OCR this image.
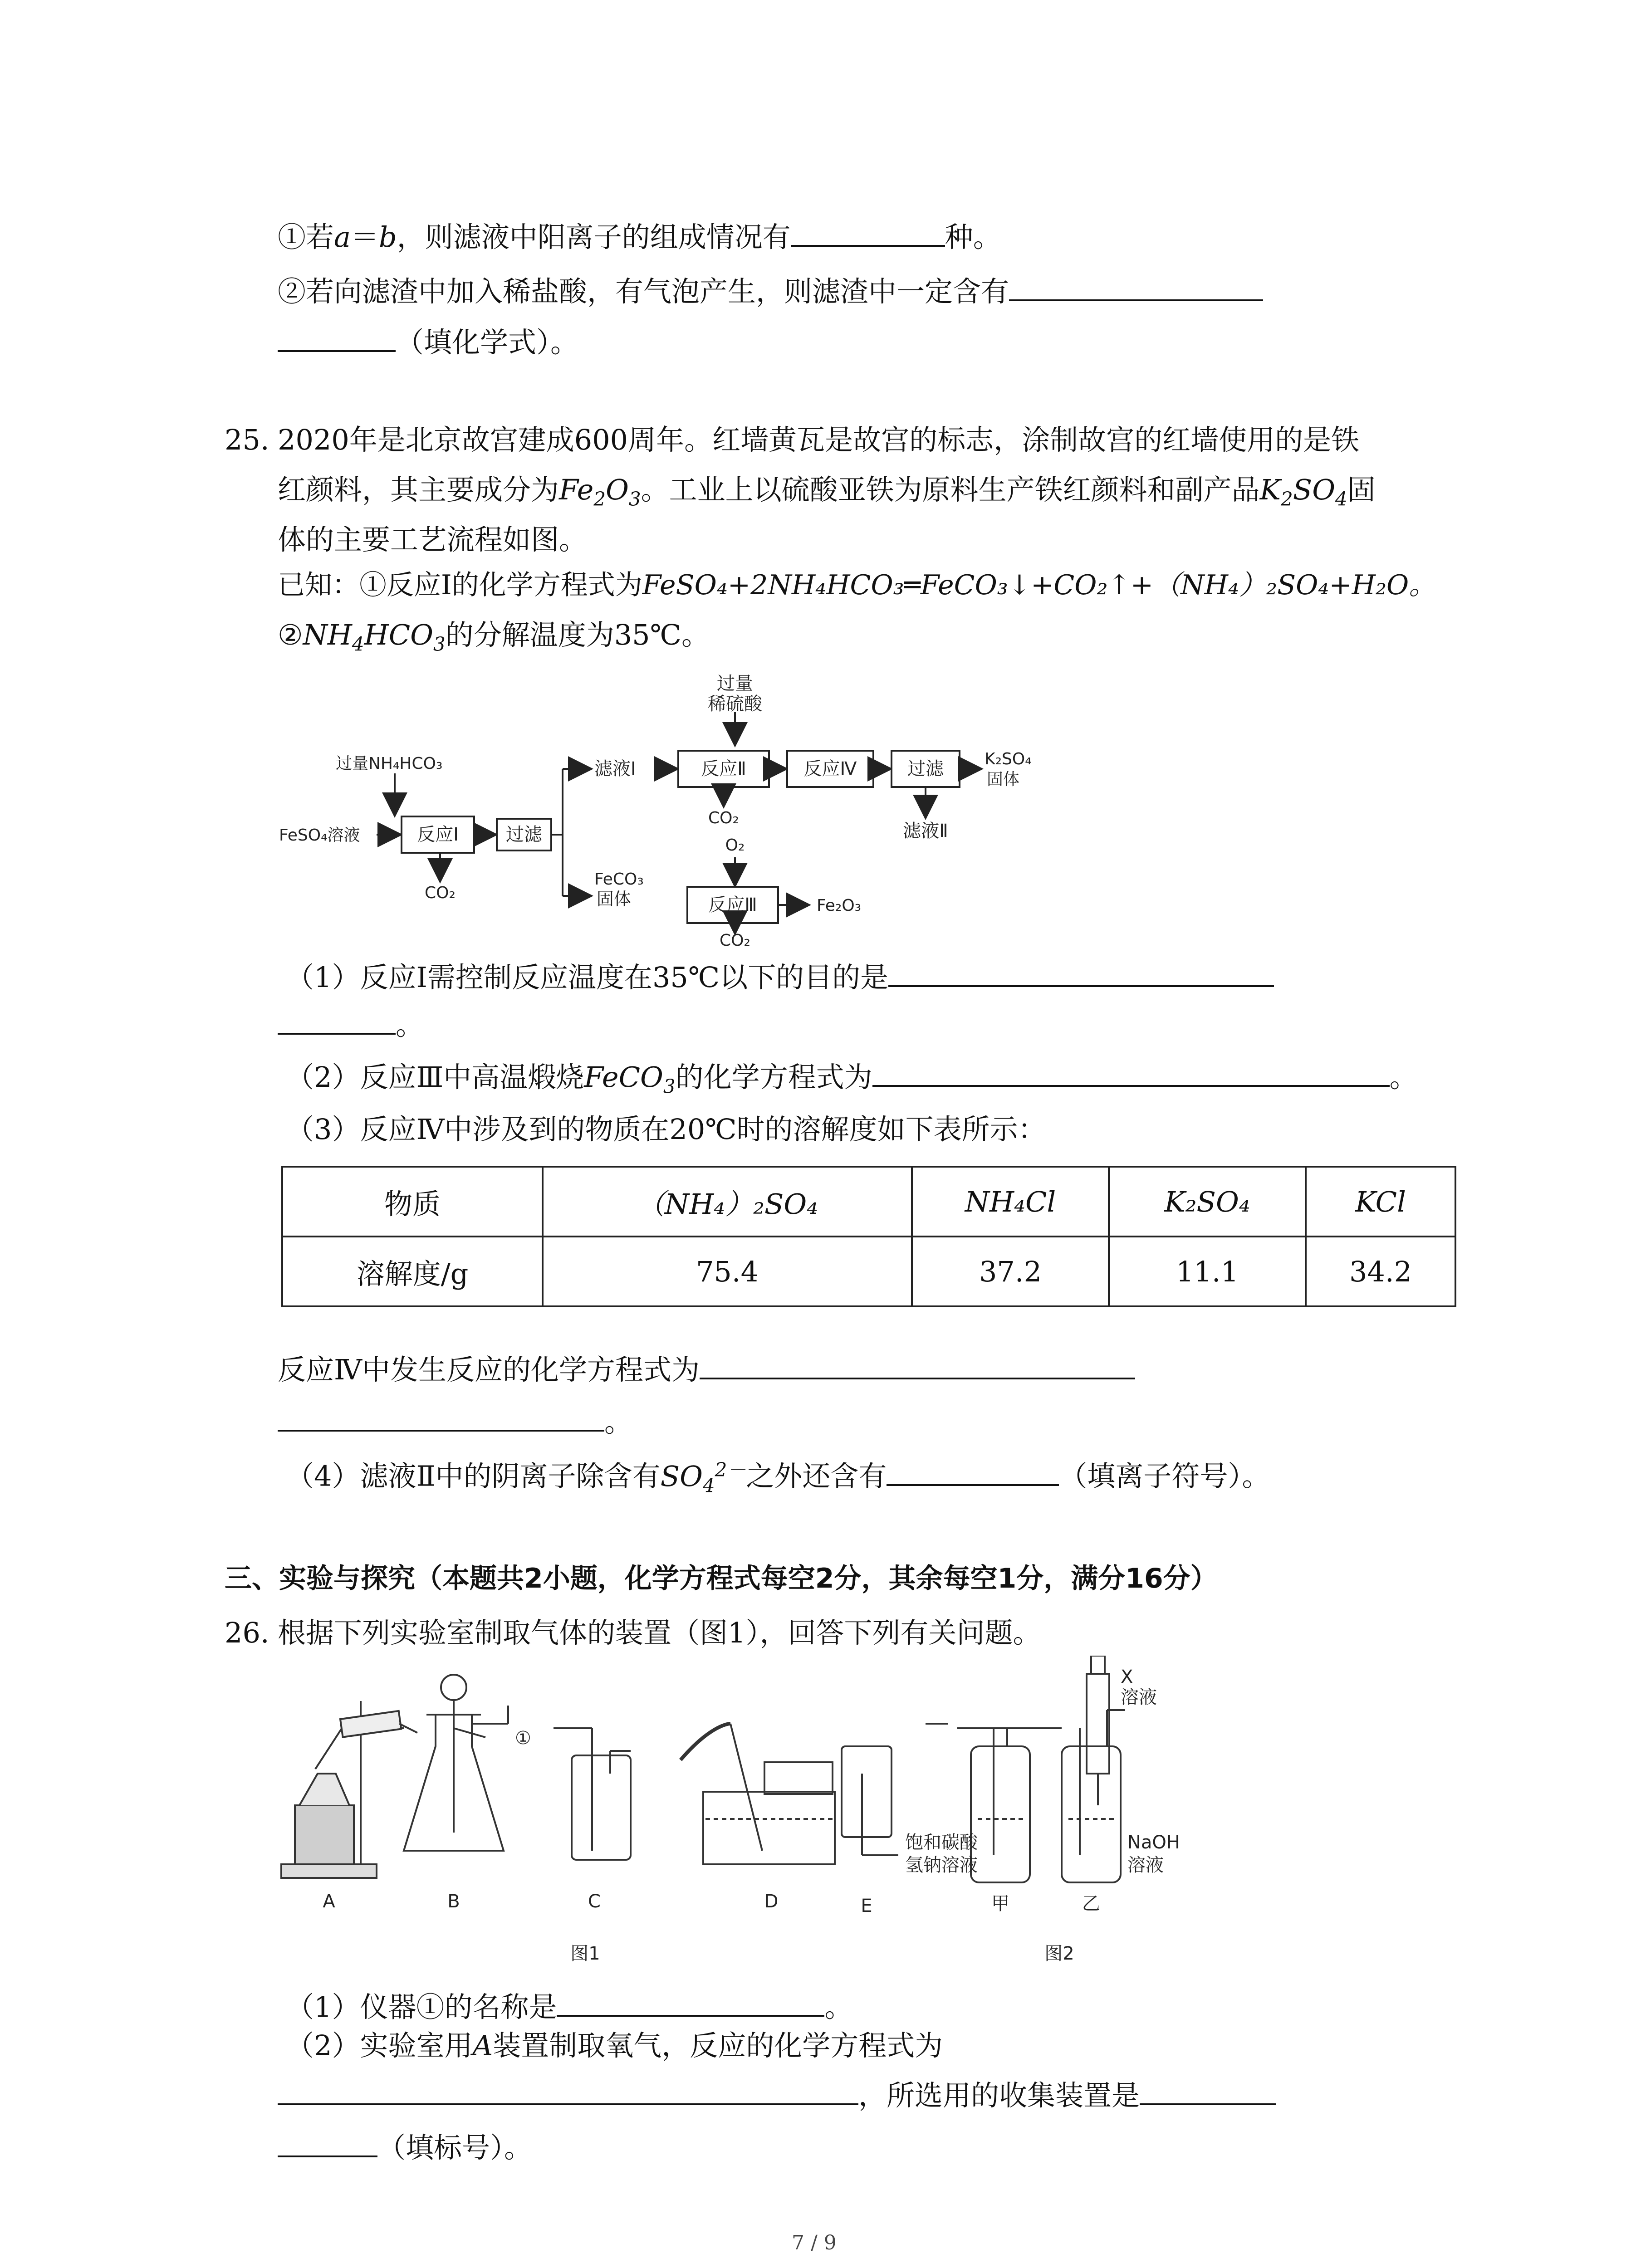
①若a＝b，则滤液中阳离子的组成情况有	种。
②若向滤渣中加入稀盐酸，有气泡产生，则滤渣中一定含有
（填化学式）。
25. 2020年是北京故宫建成600周年。红墙黄瓦是故宫的标志，涂制故宫的红墙使用的是铁
红颜料，其主要成分为$Fe_2O_3$。工业上以硫酸亚铁为原料生产铁红颜料和副产品$K_2SO_4$固
体的主要工艺流程如图。
已知：①反应Ⅰ的化学方程式为FeSO₄+2NH₄HCO₃═FeCO₃↓+CO₂↑+（NH₄）₂SO₄+H₂O。
$②NH_4HCO_3$的分解温度为35℃。
过量NH₄HCO₃
FeSO₄溶液	反应Ⅰ	过滤
CO₂
滤液Ⅰ
过量
稀硫酸
反应Ⅱ	反应Ⅳ	过滤	K₂SO₄
固体
CO₂
滤液Ⅱ
O₂
FeCO₃
固体	反应Ⅲ	Fe₂O₃
CO₂
（1）反应Ⅰ需控制反应温度在35℃以下的目的是
。
（2）反应Ⅲ中高温煅烧FeCO$_3$的化学方程式为	。
（3）反应Ⅳ中涉及到的物质在20℃时的溶解度如下表所示：
物质	（NH₄）₂SO₄	NH₄Cl	K₂SO₄	KCl
溶解度/g	75.4	37.2	11.1	34.2
反应Ⅳ中发生反应的化学方程式为
。
（4）滤液Ⅱ中的阴离子除含有$SO_4^{2-}$之外还含有	（填离子符号）。
三、实验与探究（本题共2小题，化学方程式每空2分，其余每空1分，满分16分）
26. 根据下列实验室制取气体的装置（图1），回答下列有关问题。
A	B	C	D	E
图1	图2
①
X
溶液
饱和碳酸
氢钠溶液
NaOH
溶液
甲	乙
（1）仪器①的名称是	。
（2）实验室用A装置制取氧气，反应的化学方程式为
，所选用的收集装置是
（填标号）。
7 / 9
